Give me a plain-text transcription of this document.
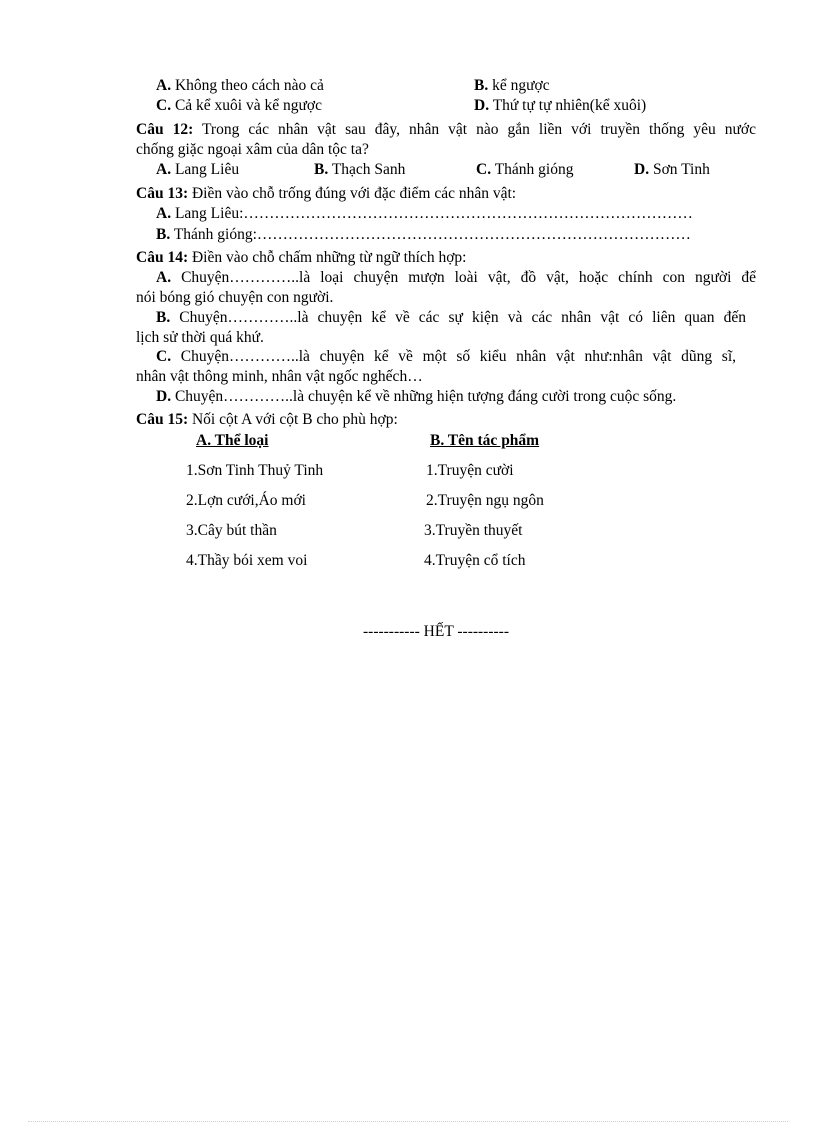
A. Không theo cách nào cả	B. kể ngược
C. Cả kể xuôi và kể ngược	D. Thứ tự tự nhiên(kể xuôi)
Câu 12: Trong các nhân vật sau đây, nhân vật nào gắn liền với truyền thống yêu nước
chống giặc ngoại xâm của dân tộc ta?
A. Lang Liêu	B. Thạch Sanh	C. Thánh gióng	D. Sơn Tinh
Câu 13: Điền vào chỗ trống đúng với đặc điểm các nhân vật:
A. Lang Liêu:……………………………………………………………………………
B. Thánh gióng:…………………………………………………………………………
Câu 14: Điền vào chỗ chấm những từ ngữ thích hợp:
A. Chuyện…………..là loại chuyện mượn loài vật, đồ vật, hoặc chính con người để
nói bóng gió chuyện con người.
B. Chuyện…………..là chuyện kể về các sự kiện và các nhân vật có liên quan đến
lịch sử thời quá khứ.
C. Chuyện…………..là chuyện kể về một số kiểu nhân vật như:nhân vật dũng sĩ,
nhân vật thông minh, nhân vật ngốc nghếch…
D. Chuyện…………..là chuyện kể về những hiện tượng đáng cười trong cuộc sống.
Câu 15: Nối cột A với cột B cho phù hợp:
A. Thể loại	B. Tên tác phẩm
1.Sơn Tinh Thuỷ Tinh	1.Truyện cười
2.Lợn cưới,Áo mới	2.Truyện ngụ ngôn
3.Cây bút thần	3.Truyền thuyết
4.Thầy bói xem voi	4.Truyện cổ tích
----------- HẾT ----------
